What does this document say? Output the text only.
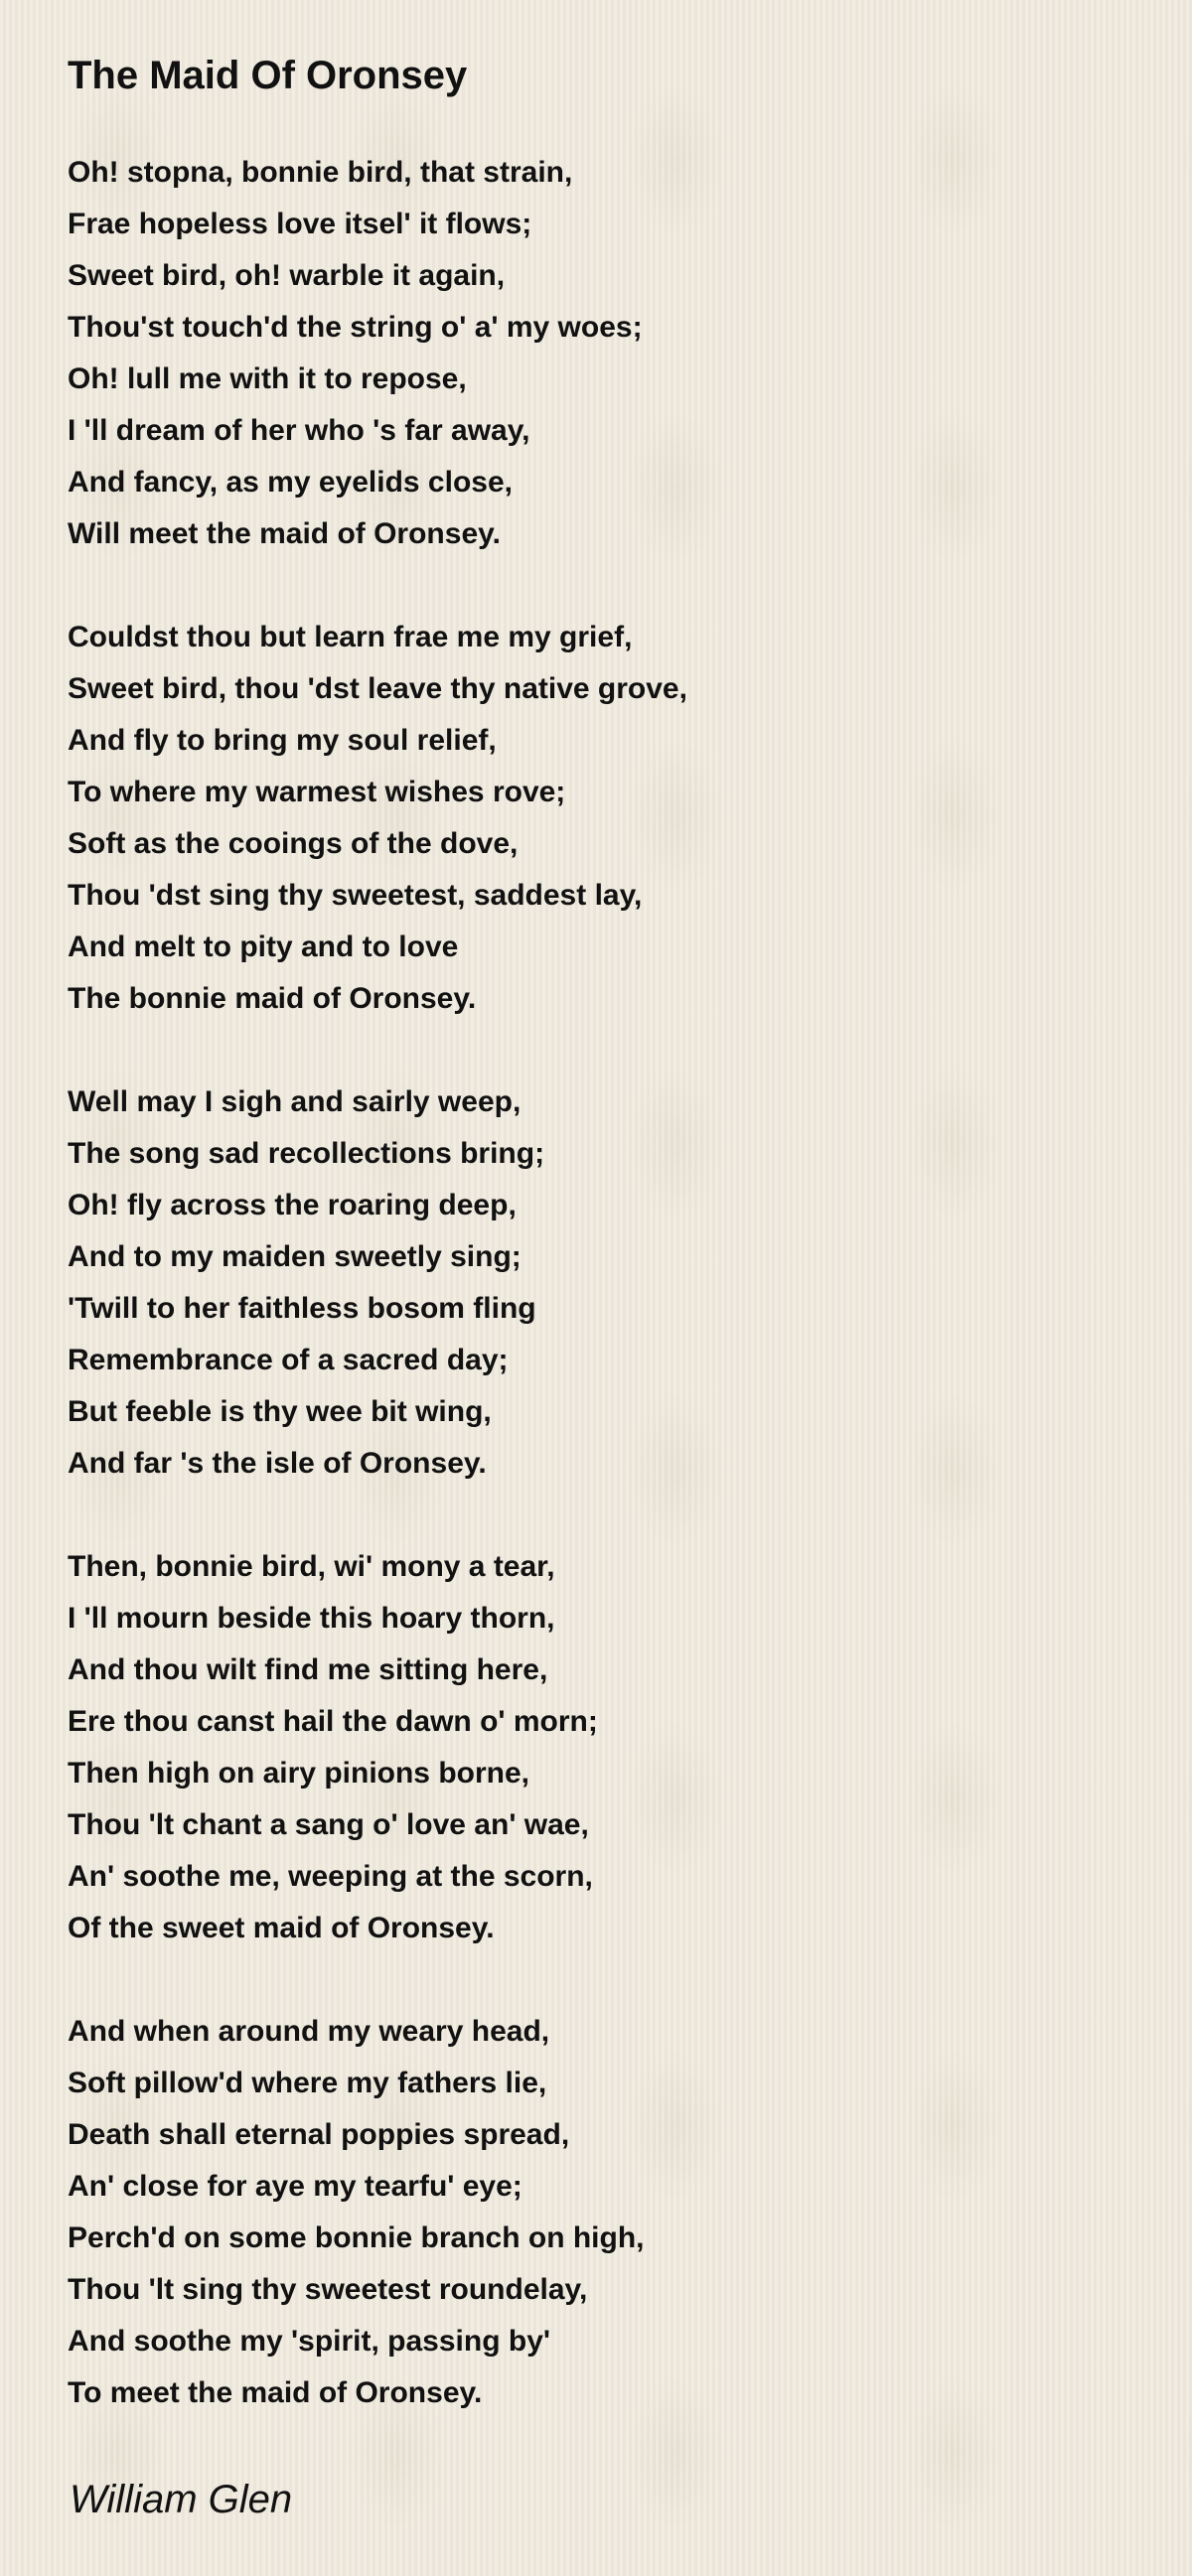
The Maid Of Oronsey
Oh! stopna, bonnie bird, that strain,
Frae hopeless love itsel' it flows;
Sweet bird, oh! warble it again,
Thou'st touch'd the string o' a' my woes;
Oh! lull me with it to repose,
I 'll dream of her who 's far away,
And fancy, as my eyelids close,
Will meet the maid of Oronsey.
Couldst thou but learn frae me my grief,
Sweet bird, thou 'dst leave thy native grove,
And fly to bring my soul relief,
To where my warmest wishes rove;
Soft as the cooings of the dove,
Thou 'dst sing thy sweetest, saddest lay,
And melt to pity and to love
The bonnie maid of Oronsey.
Well may I sigh and sairly weep,
The song sad recollections bring;
Oh! fly across the roaring deep,
And to my maiden sweetly sing;
'Twill to her faithless bosom fling
Remembrance of a sacred day;
But feeble is thy wee bit wing,
And far 's the isle of Oronsey.
Then, bonnie bird, wi' mony a tear,
I 'll mourn beside this hoary thorn,
And thou wilt find me sitting here,
Ere thou canst hail the dawn o' morn;
Then high on airy pinions borne,
Thou 'lt chant a sang o' love an' wae,
An' soothe me, weeping at the scorn,
Of the sweet maid of Oronsey.
And when around my weary head,
Soft pillow'd where my fathers lie,
Death shall eternal poppies spread,
An' close for aye my tearfu' eye;
Perch'd on some bonnie branch on high,
Thou 'lt sing thy sweetest roundelay,
And soothe my 'spirit, passing by'
To meet the maid of Oronsey.
William Glen
